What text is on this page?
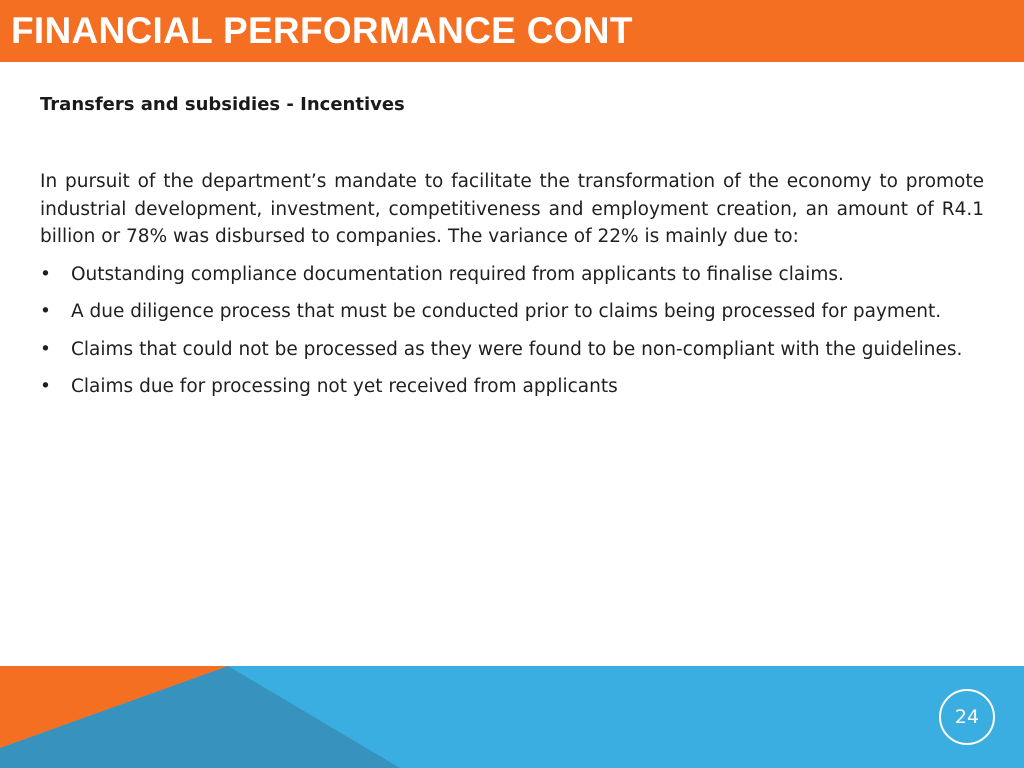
FINANCIAL PERFORMANCE CONT
Transfers and subsidies - Incentives

In pursuit of the department’s mandate to facilitate the transformation of the economy to promote industrial development, investment, competitiveness and employment creation, an amount of R4.1 billion or 78% was disbursed to companies. The variance of 22% is mainly due to:

• Outstanding compliance documentation required from applicants to finalise claims.
• A due diligence process that must be conducted prior to claims being processed for payment.
• Claims that could not be processed as they were found to be non-compliant with the guidelines.
• Claims due for processing not yet received from applicants
24
